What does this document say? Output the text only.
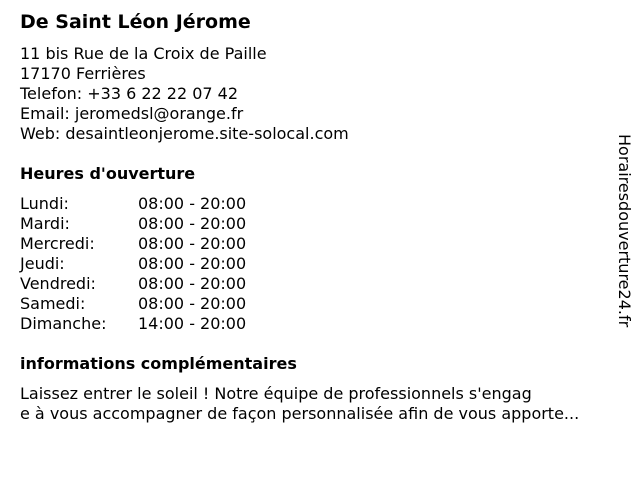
De Saint Léon Jérome
11 bis Rue de la Croix de Paille
17170 Ferrières
Telefon: +33 6 22 22 07 42
Email: jeromedsl@orange.fr
Web: desaintleonjerome.site-solocal.com
Heures d'ouverture
Lundi:	08:00 - 20:00
Mardi:	08:00 - 20:00
Mercredi:	08:00 - 20:00
Jeudi:	08:00 - 20:00
Vendredi:	08:00 - 20:00
Samedi:	08:00 - 20:00
Dimanche: 14:00 - 20:00
informations complémentaires
Laissez entrer le soleil ! Notre équipe de professionnels s'engag
e à vous accompagner de façon personnalisée afin de vous apporte...
Horairesdouverture24.fr
